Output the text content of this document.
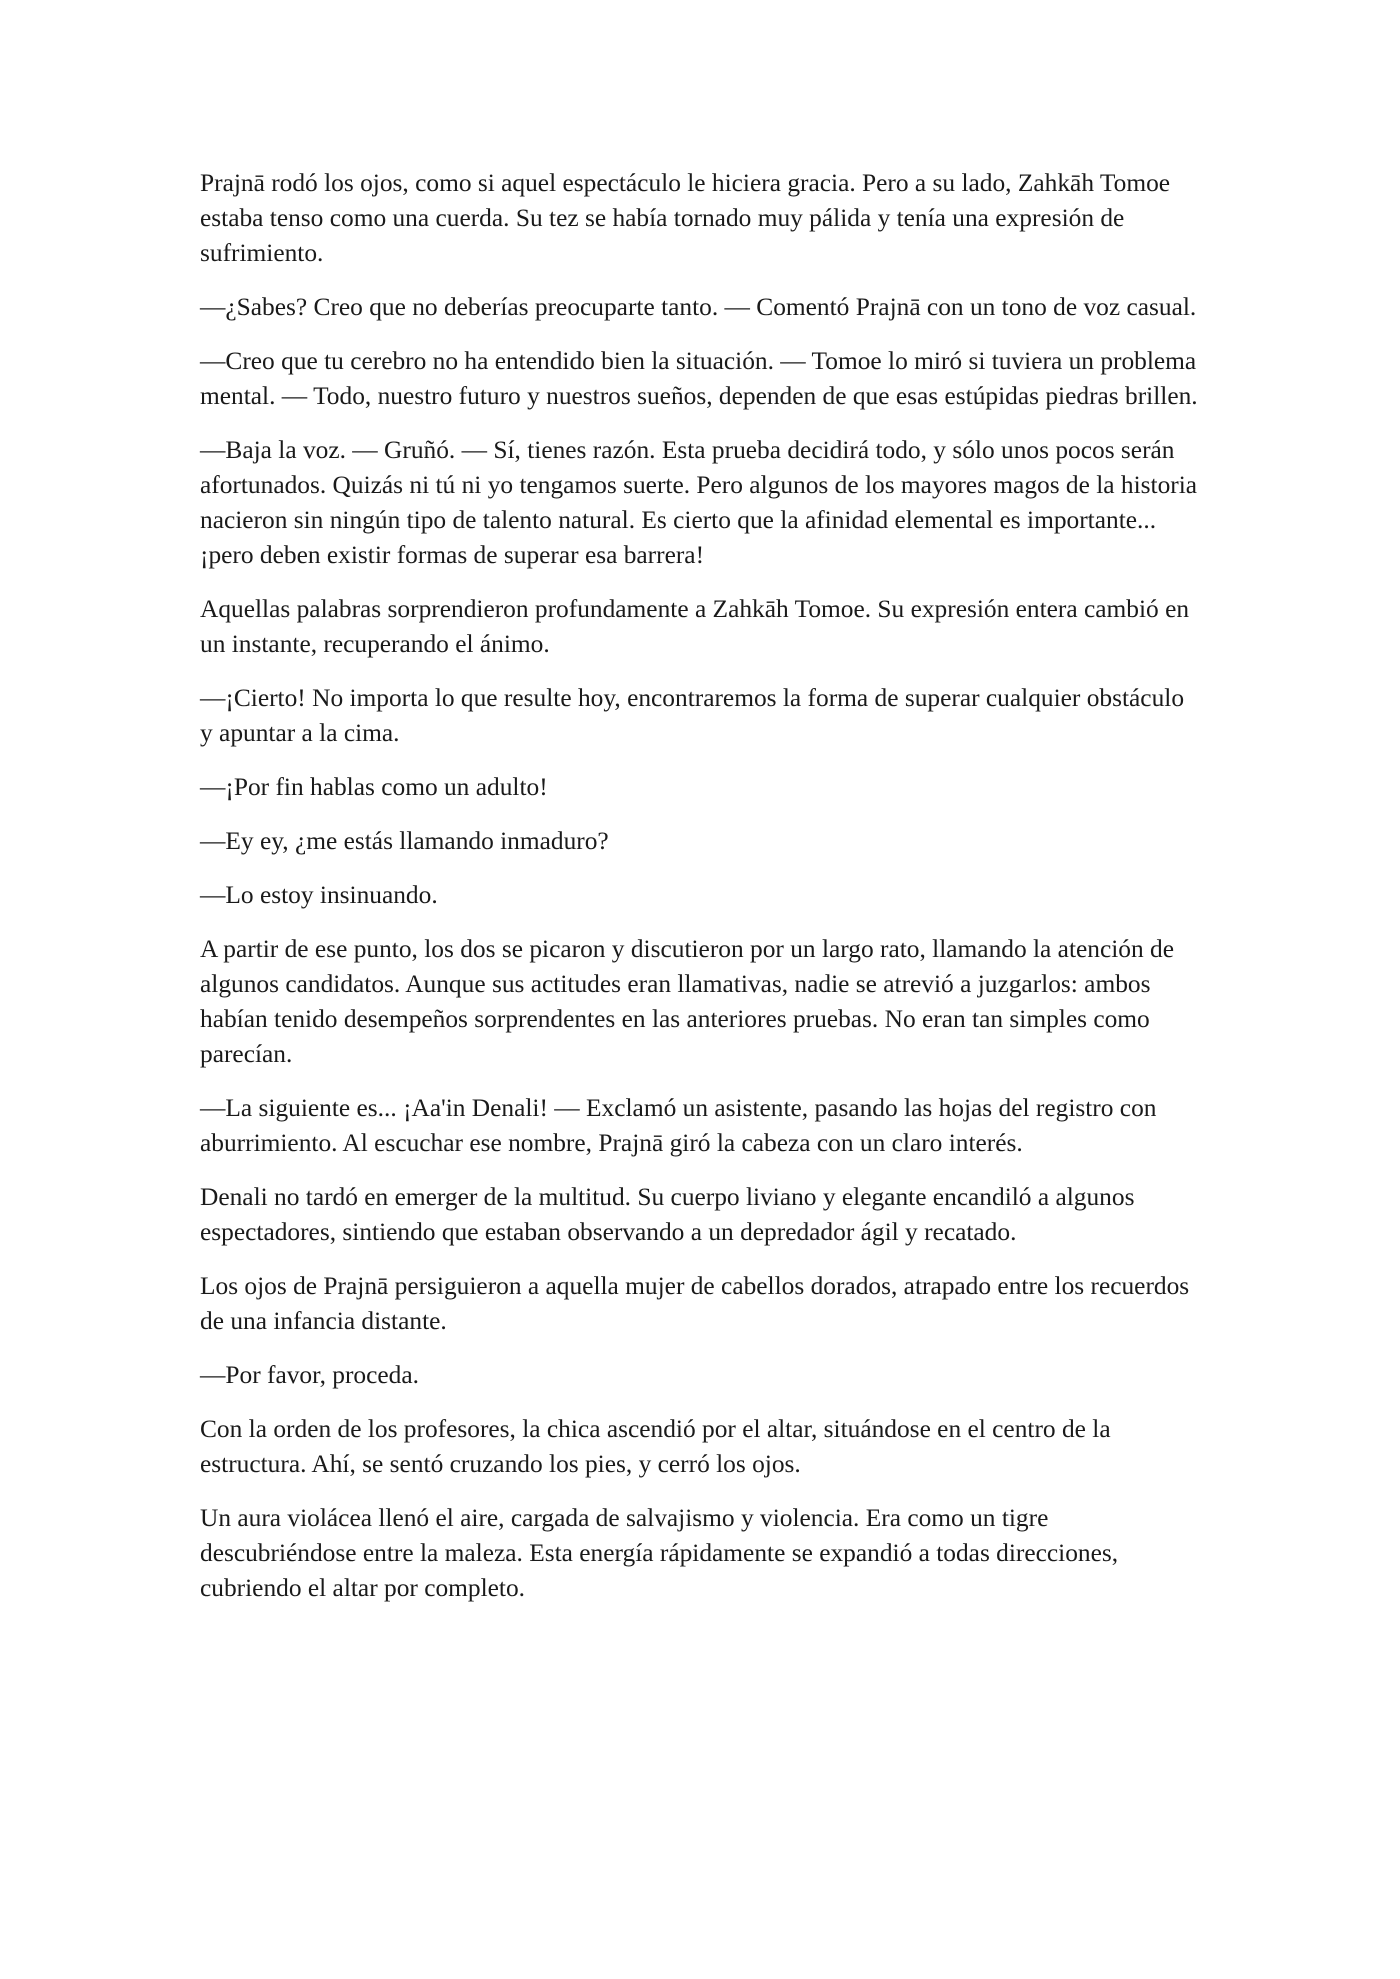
Prajnā rodó los ojos, como si aquel espectáculo le hiciera gracia. Pero a su lado, Zahkāh Tomoe estaba tenso como una cuerda. Su tez se había tornado muy pálida y tenía una expresión de sufrimiento.

—¿Sabes? Creo que no deberías preocuparte tanto. — Comentó Prajnā con un tono de voz casual.

—Creo que tu cerebro no ha entendido bien la situación. — Tomoe lo miró si tuviera un problema mental. — Todo, nuestro futuro y nuestros sueños, dependen de que esas estúpidas piedras brillen.

—Baja la voz. — Gruñó. — Sí, tienes razón. Esta prueba decidirá todo, y sólo unos pocos serán afortunados. Quizás ni tú ni yo tengamos suerte. Pero algunos de los mayores magos de la historia nacieron sin ningún tipo de talento natural. Es cierto que la afinidad elemental es importante... ¡pero deben existir formas de superar esa barrera!

Aquellas palabras sorprendieron profundamente a Zahkāh Tomoe. Su expresión entera cambió en un instante, recuperando el ánimo.

—¡Cierto! No importa lo que resulte hoy, encontraremos la forma de superar cualquier obstáculo y apuntar a la cima.

—¡Por fin hablas como un adulto!

—Ey ey, ¿me estás llamando inmaduro?

—Lo estoy insinuando.

A partir de ese punto, los dos se picaron y discutieron por un largo rato, llamando la atención de algunos candidatos. Aunque sus actitudes eran llamativas, nadie se atrevió a juzgarlos: ambos habían tenido desempeños sorprendentes en las anteriores pruebas. No eran tan simples como parecían.

—La siguiente es... ¡Aa'in Denali! — Exclamó un asistente, pasando las hojas del registro con aburrimiento. Al escuchar ese nombre, Prajnā giró la cabeza con un claro interés.

Denali no tardó en emerger de la multitud. Su cuerpo liviano y elegante encandiló a algunos espectadores, sintiendo que estaban observando a un depredador ágil y recatado.

Los ojos de Prajnā persiguieron a aquella mujer de cabellos dorados, atrapado entre los recuerdos de una infancia distante.

—Por favor, proceda.

Con la orden de los profesores, la chica ascendió por el altar, situándose en el centro de la estructura. Ahí, se sentó cruzando los pies, y cerró los ojos.

Un aura violácea llenó el aire, cargada de salvajismo y violencia. Era como un tigre descubriéndose entre la maleza. Esta energía rápidamente se expandió a todas direcciones, cubriendo el altar por completo.
